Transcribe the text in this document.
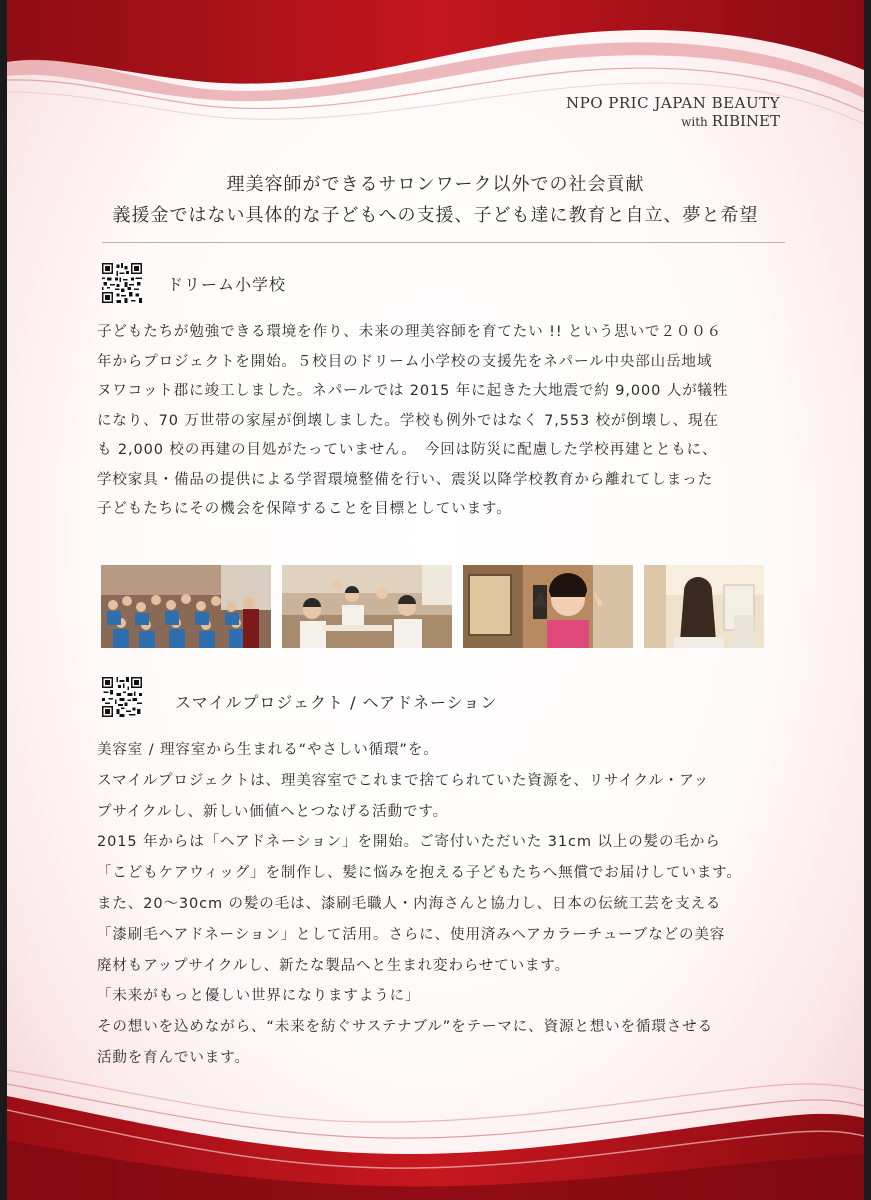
NPO PRIC JAPAN BEAUTY
with RIBINET
理美容師ができるサロンワーク以外での社会貢献
義援金ではない具体的な子どもへの支援、子ども達に教育と自立、夢と希望
ドリーム小学校
子どもたちが勉強できる環境を作り、未来の理美容師を育てたい !! という思いで２００６
年からプロジェクトを開始。５校目のドリーム小学校の支援先をネパール中央部山岳地域
ヌワコット郡に竣工しました。ネパールでは 2015 年に起きた大地震で約 9,000 人が犠牲
になり、70 万世帯の家屋が倒壊しました。学校も例外ではなく 7,553 校が倒壊し、現在
も 2,000 校の再建の目処がたっていません。　今回は防災に配慮した学校再建とともに、
学校家具・備品の提供による学習環境整備を行い、震災以降学校教育から離れてしまった
子どもたちにその機会を保障することを目標としています。
スマイルプロジェクト / ヘアドネーション
美容室 / 理容室から生まれる“やさしい循環”を。
スマイルプロジェクトは、理美容室でこれまで捨てられていた資源を、リサイクル・アッ
プサイクルし、新しい価値へとつなげる活動です。
2015 年からは「ヘアドネーション」を開始。ご寄付いただいた 31cm 以上の髪の毛から
「こどもケアウィッグ」を制作し、髪に悩みを抱える子どもたちへ無償でお届けしています。
また、20〜30cm の髪の毛は、漆刷毛職人・内海さんと協力し、日本の伝統工芸を支える
「漆刷毛ヘアドネーション」として活用。さらに、使用済みヘアカラーチューブなどの美容
廃材もアップサイクルし、新たな製品へと生まれ変わらせています。
「未来がもっと優しい世界になりますように」
その想いを込めながら、“未来を紡ぐサステナブル”をテーマに、資源と想いを循環させる
活動を育んでいます。
